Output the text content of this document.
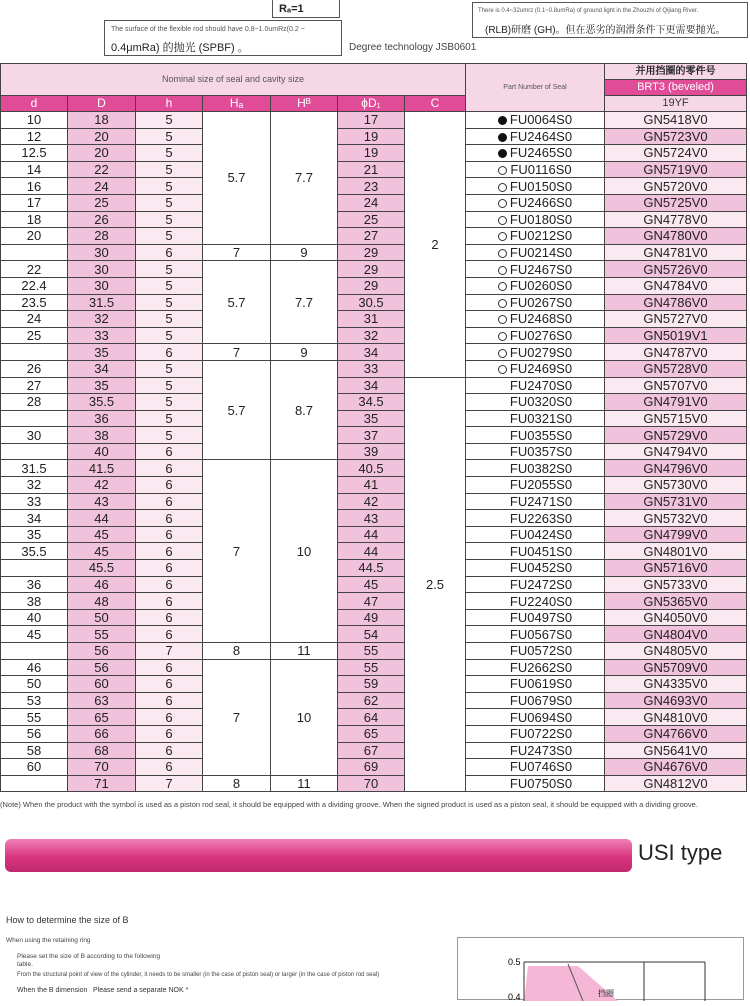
Rₐ=1
The surface of the flexible rod should have 0.8~1.0umRz(0.2 ~
0.4μmRa) 的抛光 (SPBF) 。	Degree technology JSB0601
There is 0.4~32umrz (0.1~0.8umRa) of ground light in the Zhouzhi of Qijiang River.
(RLB)研磨 (GH)。但在恶劣的润滑条件下更需要抛光。
Nominal size of seal and cavity size							Part Number of Seal	并用挡圈的零件号
								BRT3 (beveled)
d	D	h	Hₐ	Hᴮ	ϕD₁	C		19YF
10	18	5	5.7	7.7	17	2	FU0064S0	GN5418V0
12	20	5			19		FU2464S0	GN5723V0
12.5	20	5			19		FU2465S0	GN5724V0
14	22	5			21		FU0116S0	GN5719V0
16	24	5			23		FU0150S0	GN5720V0
17	25	5			24		FU2466S0	GN5725V0
18	26	5			25		FU0180S0	GN4778V0
20	28	5			27		FU0212S0	GN4780V0
	30	6	7	9	29		FU0214S0	GN4781V0
22	30	5	5.7	7.7	29		FU2467S0	GN5726V0
22.4	30	5			29		FU0260S0	GN4784V0
23.5	31.5	5			30.5		FU0267S0	GN4786V0
24	32	5			31		FU2468S0	GN5727V0
25	33	5			32		FU0276S0	GN5019V1
	35	6	7	9	34		FU0279S0	GN4787V0
26	34	5	5.7	8.7	33		FU2469S0	GN5728V0
27	35	5			34	2.5	FU2470S0	GN5707V0
28	35.5	5			34.5		FU0320S0	GN4791V0
	36	5			35		FU0321S0	GN5715V0
30	38	5			37		FU0355S0	GN5729V0
	40	6			39		FU0357S0	GN4794V0
31.5	41.5	6	7	10	40.5		FU0382S0	GN4796V0
32	42	6			41		FU2055S0	GN5730V0
33	43	6			42		FU2471S0	GN5731V0
34	44	6			43		FU2263S0	GN5732V0
35	45	6			44		FU0424S0	GN4799V0
35.5	45	6			44		FU0451S0	GN4801V0
	45.5	6			44.5		FU0452S0	GN5716V0
36	46	6			45		FU2472S0	GN5733V0
38	48	6			47		FU2240S0	GN5365V0
40	50	6			49		FU0497S0	GN4050V0
45	55	6			54		FU0567S0	GN4804V0
	56	7	8	11	55		FU0572S0	GN4805V0
46	56	6	7	10	55		FU2662S0	GN5709V0
50	60	6			59		FU0619S0	GN4335V0
53	63	6			62		FU0679S0	GN4693V0
55	65	6			64		FU0694S0	GN4810V0
56	66	6			65		FU0722S0	GN4766V0
58	68	6			67		FU2473S0	GN5641V0
60	70	6			69		FU0746S0	GN4676V0
	71	7	8	11	70		FU0750S0	GN4812V0
(Note) When the product with the symbol is used as a piston rod seal, it should be equipped with a dividing groove. When the signed product is used as a piston seal, it should be equipped with a dividing groove.
USI type
How to determine the size of B
When using the retaining ring
Please set the size of B according to the following table.
From the structural point of view of the cylinder, it needs to be smaller (in the case of piston seal) or larger (in the case of piston rod seal)
When the B dimension Please send a separate NOK *
0.5
0.4	挡圈
